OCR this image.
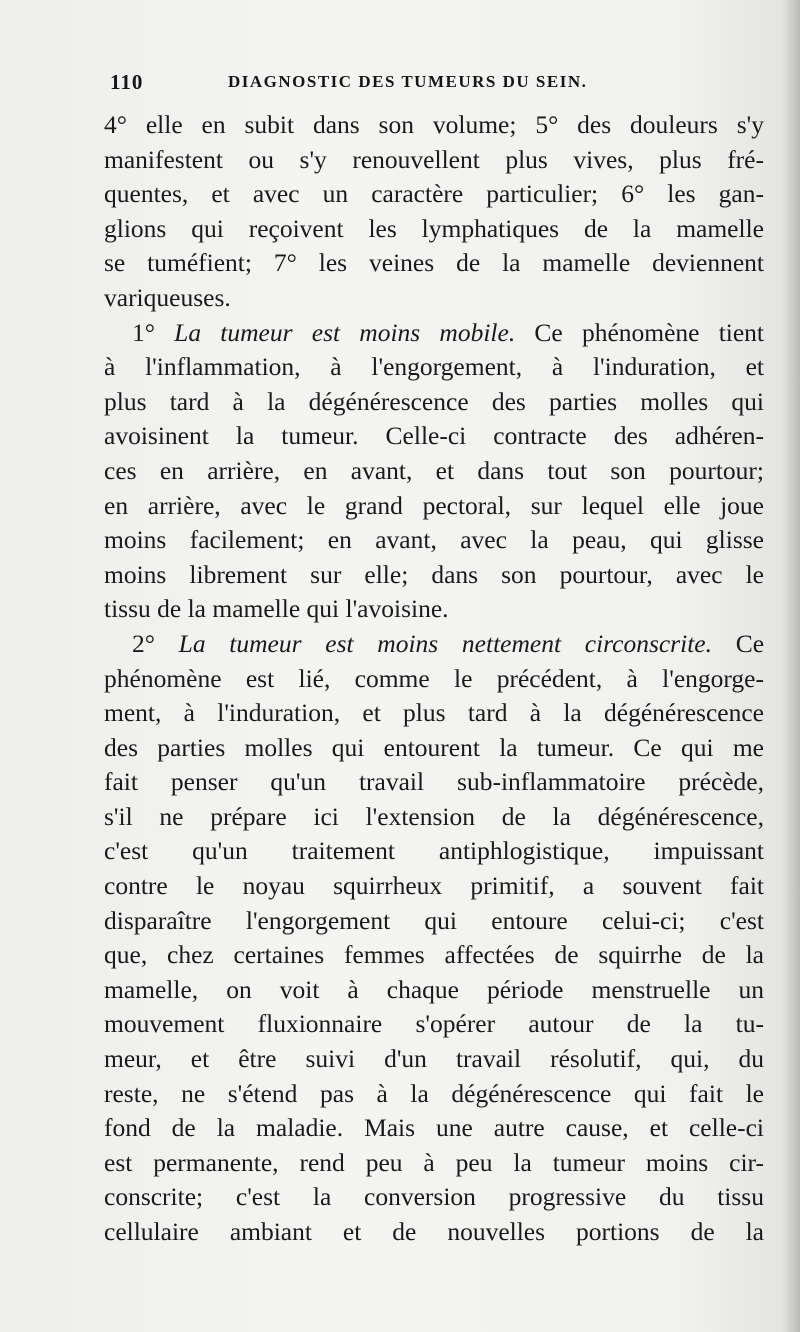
110	DIAGNOSTIC DES TUMEURS DU SEIN.
4° elle en subit dans son volume; 5° des douleurs s'y
manifestent ou s'y renouvellent plus vives, plus fré-
quentes, et avec un caractère particulier; 6° les gan-
glions qui reçoivent les lymphatiques de la mamelle
se tuméfient; 7° les veines de la mamelle deviennent
variqueuses.
1° La tumeur est moins mobile. Ce phénomène tient
à l'inflammation, à l'engorgement, à l'induration, et
plus tard à la dégénérescence des parties molles qui
avoisinent la tumeur. Celle-ci contracte des adhéren-
ces en arrière, en avant, et dans tout son pourtour;
en arrière, avec le grand pectoral, sur lequel elle joue
moins facilement; en avant, avec la peau, qui glisse
moins librement sur elle; dans son pourtour, avec le
tissu de la mamelle qui l'avoisine.
2° La tumeur est moins nettement circonscrite. Ce
phénomène est lié, comme le précédent, à l'engorge-
ment, à l'induration, et plus tard à la dégénérescence
des parties molles qui entourent la tumeur. Ce qui me
fait penser qu'un travail sub-inflammatoire précède,
s'il ne prépare ici l'extension de la dégénérescence,
c'est qu'un traitement antiphlogistique, impuissant
contre le noyau squirrheux primitif, a souvent fait
disparaître l'engorgement qui entoure celui-ci; c'est
que, chez certaines femmes affectées de squirrhe de la
mamelle, on voit à chaque période menstruelle un
mouvement fluxionnaire s'opérer autour de la tu-
meur, et être suivi d'un travail résolutif, qui, du
reste, ne s'étend pas à la dégénérescence qui fait le
fond de la maladie. Mais une autre cause, et celle-ci
est permanente, rend peu à peu la tumeur moins cir-
conscrite; c'est la conversion progressive du tissu
cellulaire ambiant et de nouvelles portions de la
